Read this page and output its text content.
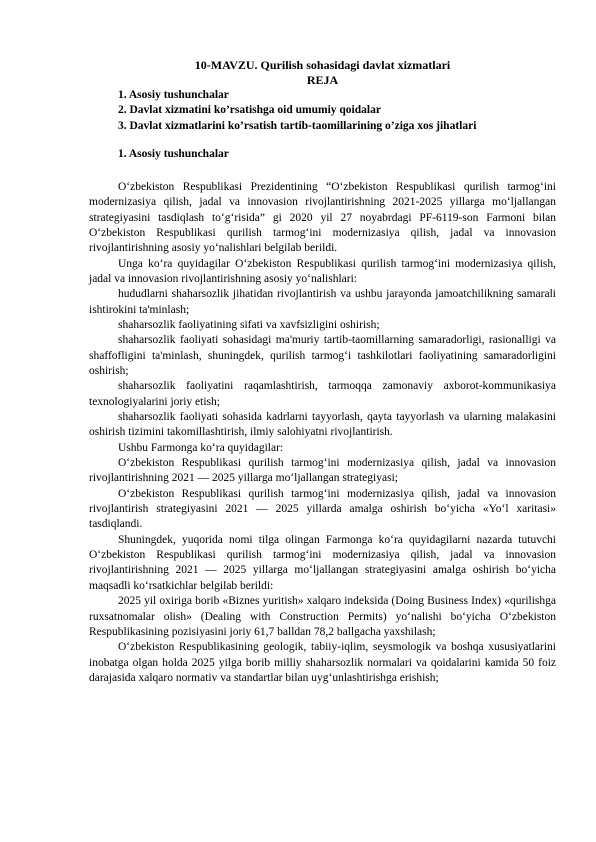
10-MAVZU. Qurilish sohasidagi davlat xizmatlari
REJA
1. Asosiy tushunchalar
2. Davlat xizmatini ko’rsatishga oid umumiy qoidalar
3. Davlat xizmatlarini ko’rsatish tartib-taomillarining o’ziga xos jihatlari
1. Asosiy tushunchalar

O‘zbekiston Respublikasi Prezidentining “O‘zbekiston Respublikasi qurilish tarmog‘ini modernizasiya qilish, jadal va innovasion rivojlantirishning 2021-2025 yillarga mo‘ljallangan strategiyasini tasdiqlash to‘g‘risida” gi 2020 yil 27 noyabrdagi PF-6119-son Farmoni bilan O‘zbekiston Respublikasi qurilish tarmog‘ini modernizasiya qilish, jadal va innovasion rivojlantirishning asosiy yo‘nalishlari belgilab berildi.

Unga ko‘ra quyidagilar O‘zbekiston Respublikasi qurilish tarmog‘ini modernizasiya qilish, jadal va innovasion rivojlantirishning asosiy yo‘nalishlari:

hududlarni shaharsozlik jihatidan rivojlantirish va ushbu jarayonda jamoatchilikning samarali ishtirokini ta'minlash;

shaharsozlik faoliyatining sifati va xavfsizligini oshirish;

shaharsozlik faoliyati sohasidagi ma'muriy tartib-taomillarning samaradorligi, rasionalligi va shaffofligini ta'minlash, shuningdek, qurilish tarmog‘i tashkilotlari faoliyatining samaradorligini oshirish;

shaharsozlik faoliyatini raqamlashtirish, tarmoqqa zamonaviy axborot-kommunikasiya texnologiyalarini joriy etish;

shaharsozlik faoliyati sohasida kadrlarni tayyorlash, qayta tayyorlash va ularning malakasini oshirish tizimini takomillashtirish, ilmiy salohiyatni rivojlantirish.

Ushbu Farmonga ko‘ra quyidagilar:

O‘zbekiston Respublikasi qurilish tarmog‘ini modernizasiya qilish, jadal va innovasion rivojlantirishning 2021 — 2025 yillarga mo‘ljallangan strategiyasi;

O‘zbekiston Respublikasi qurilish tarmog‘ini modernizasiya qilish, jadal va innovasion rivojlantirish strategiyasini 2021 — 2025 yillarda amalga oshirish bo‘yicha «Yo‘l xaritasi» tasdiqlandi.

Shuningdek, yuqorida nomi tilga olingan Farmonga ko‘ra quyidagilarni nazarda tutuvchi O‘zbekiston Respublikasi qurilish tarmog‘ini modernizasiya qilish, jadal va innovasion rivojlantirishning 2021 — 2025 yillarga mo‘ljallangan strategiyasini amalga oshirish bo‘yicha maqsadli ko‘rsatkichlar belgilab berildi:

2025 yil oxiriga borib «Biznes yuritish» xalqaro indeksida (Doing Business Index) «qurilishga ruxsatnomalar olish» (Dealing with Construction Permits) yo‘nalishi bo‘yicha O‘zbekiston Respublikasining pozisiyasini joriy 61,7 balldan 78,2 ballgacha yaxshilash;

O‘zbekiston Respublikasining geologik, tabiiy-iqlim, seysmologik va boshqa xususiyatlarini inobatga olgan holda 2025 yilga borib milliy shaharsozlik normalari va qoidalarini kamida 50 foiz darajasida xalqaro normativ va standartlar bilan uyg‘unlashtirishga erishish;
